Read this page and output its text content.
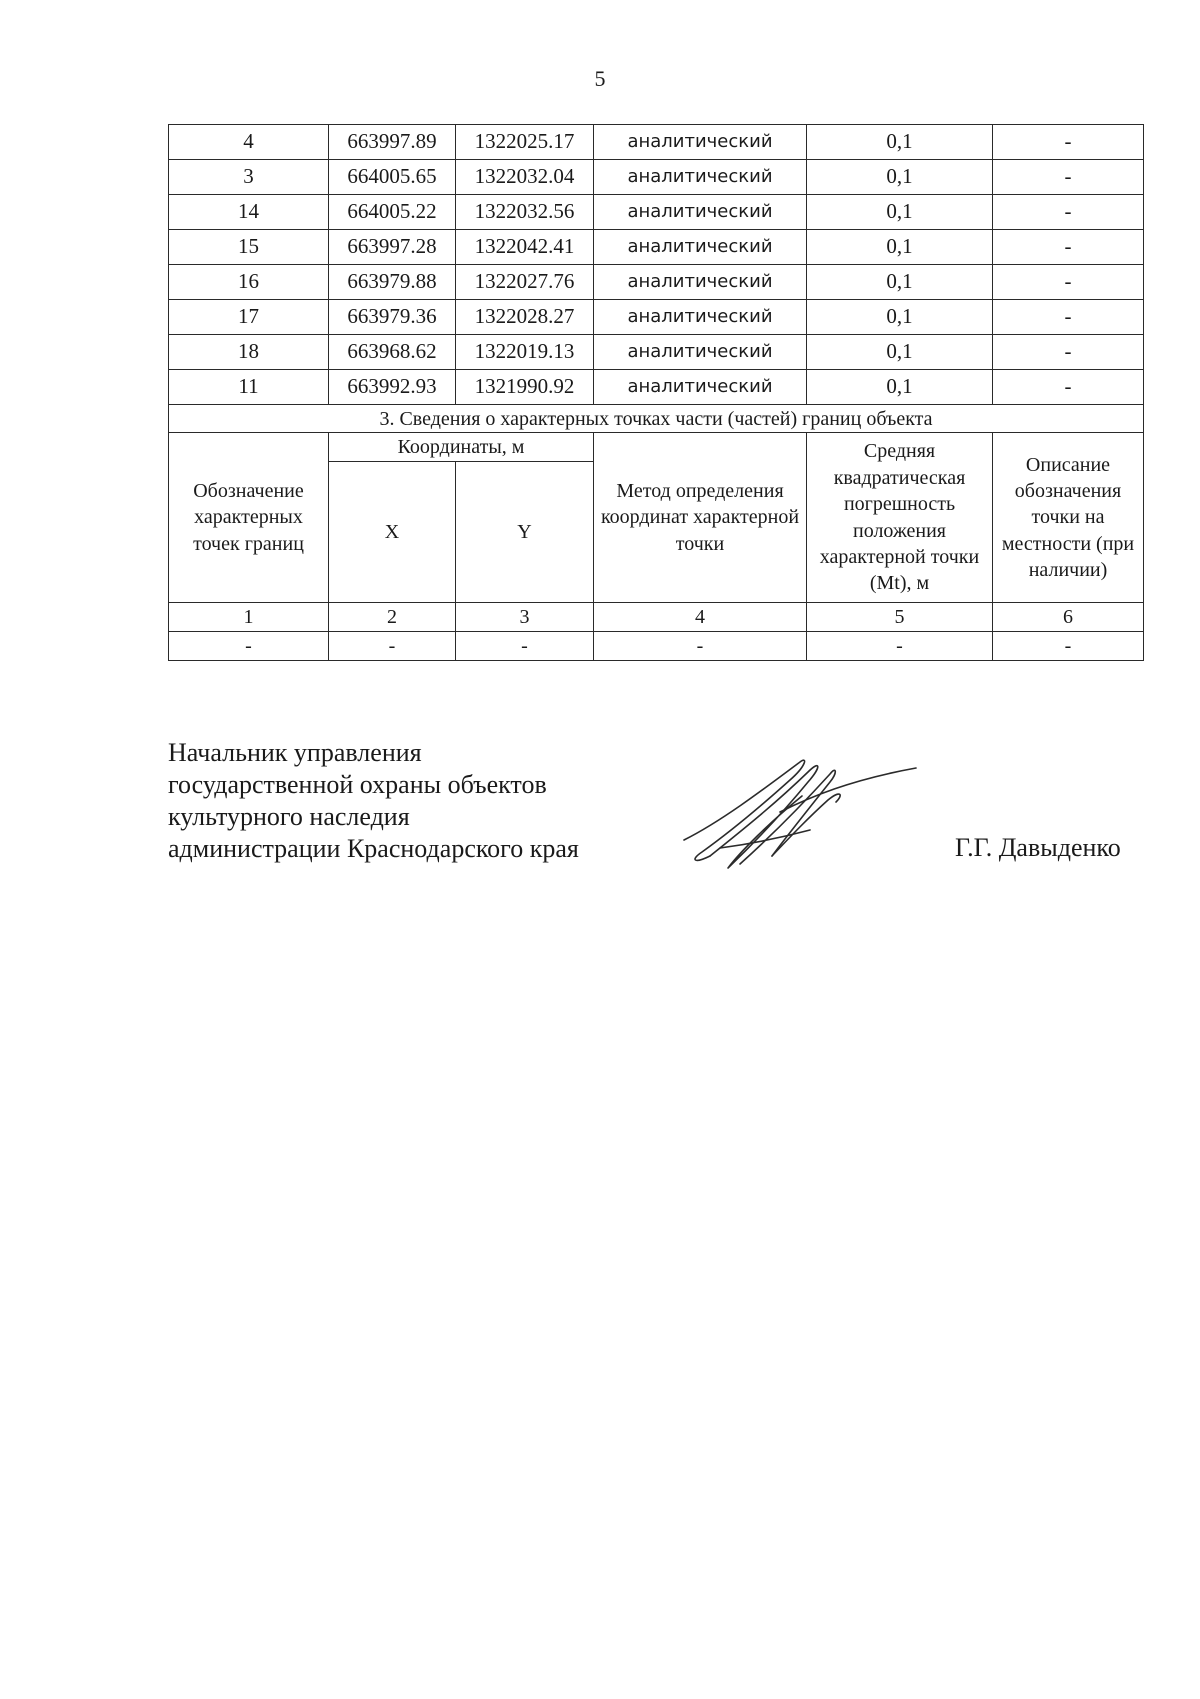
5
4	663997.89	1322025.17	аналитический	0,1	-
3	664005.65	1322032.04	аналитический	0,1	-
14	664005.22	1322032.56	аналитический	0,1	-
15	663997.28	1322042.41	аналитический	0,1	-
16	663979.88	1322027.76	аналитический	0,1	-
17	663979.36	1322028.27	аналитический	0,1	-
18	663968.62	1322019.13	аналитический	0,1	-
11	663992.93	1321990.92	аналитический	0,1	-
3. Сведения о характерных точках части (частей) границ объекта					
Обозначение характерных точек границ	Координаты, м		Метод определения координат характерной точки	Средняя квадратическая погрешность положения характерной точки (Mt), м	Описание обозначения точки на местности (при наличии)
	X	Y			
1	2	3	4	5	6
-	-	-	-	-	-
Начальник управления
государственной охраны объектов
культурного наследия
администрации Краснодарского края	Г.Г. Давыденко
